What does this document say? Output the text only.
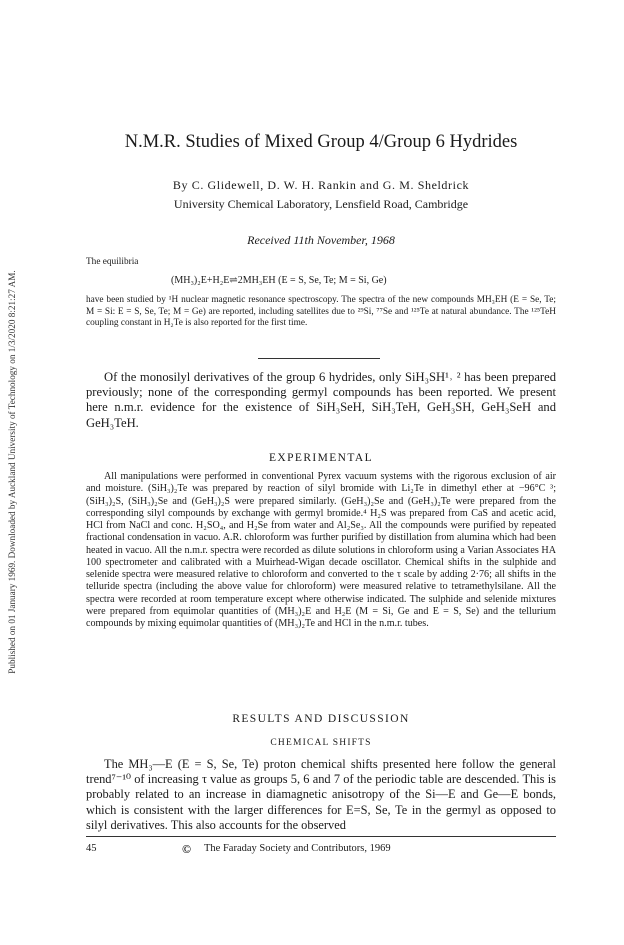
Published on 01 January 1969. Downloaded by Auckland University of Technology on 1/3/2020 8:21:27 AM.
N.M.R. Studies of Mixed Group 4/Group 6 Hydrides
By C. Glidewell, D. W. H. Rankin and G. M. Sheldrick
University Chemical Laboratory, Lensfield Road, Cambridge
Received 11th November, 1968
The equilibria
(MH₃)₂E+H₂E⇌2MH₃EH (E = S, Se, Te; M = Si, Ge)
have been studied by ¹H nuclear magnetic resonance spectroscopy. The spectra of the new compounds MH₃EH (E = Se, Te; M = Si: E = S, Se, Te; M = Ge) are reported, including satellites due to ²⁹Si, ⁷⁷Se and ¹²⁵Te at natural abundance. The ¹²⁵TeH coupling constant in H₂Te is also reported for the first time.
Of the monosilyl derivatives of the group 6 hydrides, only SiH₃SH¹˒ ² has been prepared previously; none of the corresponding germyl compounds has been reported. We present here n.m.r. evidence for the existence of SiH₃SeH, SiH₃TeH, GeH₃SH, GeH₃SeH and GeH₃TeH.
EXPERIMENTAL
All manipulations were performed in conventional Pyrex vacuum systems with the rigorous exclusion of air and moisture. (SiH₃)₂Te was prepared by reaction of silyl bromide with Li₂Te in dimethyl ether at −96°C ³; (SiH₃)₂S, (SiH₃)₂Se and (GeH₃)₂S were prepared similarly. (GeH₃)₂Se and (GeH₃)₂Te were prepared from the corresponding silyl compounds by exchange with germyl bromide.⁴ H₂S was prepared from CaS and acetic acid, HCl from NaCl and conc. H₂SO₄, and H₂Se from water and Al₂Se₃. All the compounds were purified by repeated fractional condensation in vacuo. A.R. chloroform was further purified by distillation from alumina which had been heated in vacuo. All the n.m.r. spectra were recorded as dilute solutions in chloroform using a Varian Associates HA 100 spectrometer and calibrated with a Muirhead-Wigan decade oscillator. Chemical shifts in the sulphide and selenide spectra were measured relative to chloroform and converted to the τ scale by adding 2·76; all shifts in the telluride spectra (including the above value for chloroform) were measured relative to tetramethylsilane. All the spectra were recorded at room temperature except where otherwise indicated. The sulphide and selenide mixtures were prepared from equimolar quantities of (MH₃)₂E and H₂E (M = Si, Ge and E = S, Se) and the tellurium compounds by mixing equimolar quantities of (MH₃)₂Te and HCl in the n.m.r. tubes.
RESULTS AND DISCUSSION
CHEMICAL SHIFTS
The MH₃—E (E = S, Se, Te) proton chemical shifts presented here follow the general trend⁷⁻¹⁰ of increasing τ value as groups 5, 6 and 7 of the periodic table are descended. This is probably related to an increase in diamagnetic anisotropy of the Si—E and Ge—E bonds, which is consistent with the larger differences for E=S, Se, Te in the germyl as opposed to silyl derivatives. This also accounts for the observed
45	© The Faraday Society and Contributors, 1969
